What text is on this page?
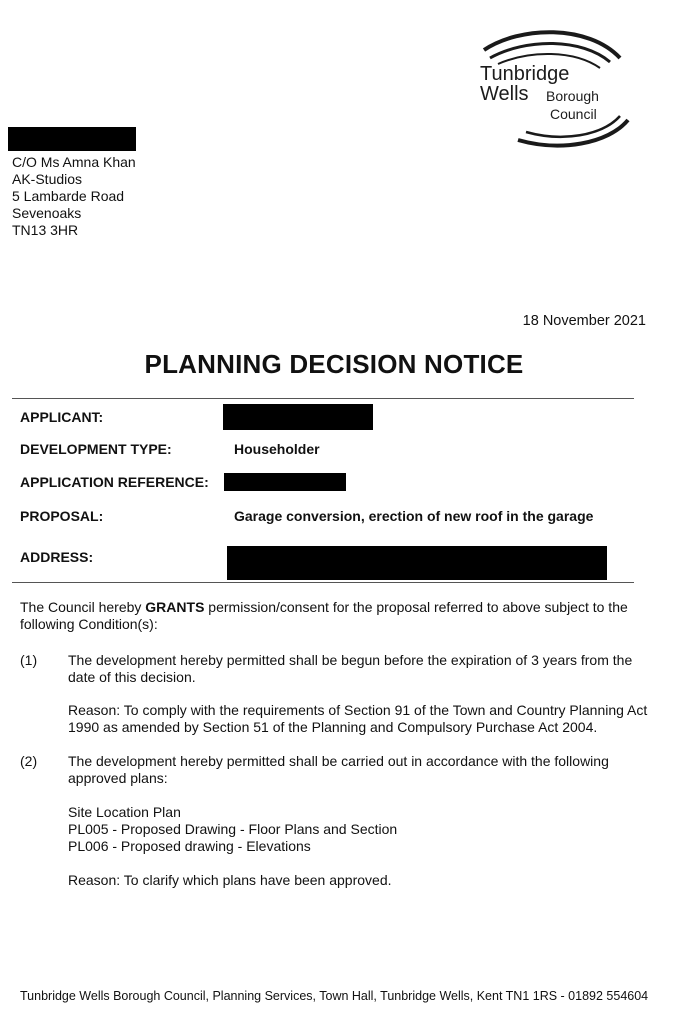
Tunbridge
Wells Borough
Council
C/O Ms Amna Khan
AK-Studios
5 Lambarde Road
Sevenoaks
TN13 3HR
18 November 2021
PLANNING DECISION NOTICE
APPLICANT:
DEVELOPMENT TYPE:	Householder
APPLICATION REFERENCE:
PROPOSAL:	Garage conversion, erection of new roof in the garage
ADDRESS:
The Council hereby GRANTS permission/consent for the proposal referred to above subject to the following Condition(s):
(1) The development hereby permitted shall be begun before the expiration of 3 years from the date of this decision.
Reason: To comply with the requirements of Section 91 of the Town and Country Planning Act 1990 as amended by Section 51 of the Planning and Compulsory Purchase Act 2004.
(2) The development hereby permitted shall be carried out in accordance with the following approved plans:
Site Location Plan
PL005 - Proposed Drawing - Floor Plans and Section
PL006 - Proposed drawing - Elevations
Reason: To clarify which plans have been approved.
Tunbridge Wells Borough Council, Planning Services, Town Hall, Tunbridge Wells, Kent TN1 1RS - 01892 554604
